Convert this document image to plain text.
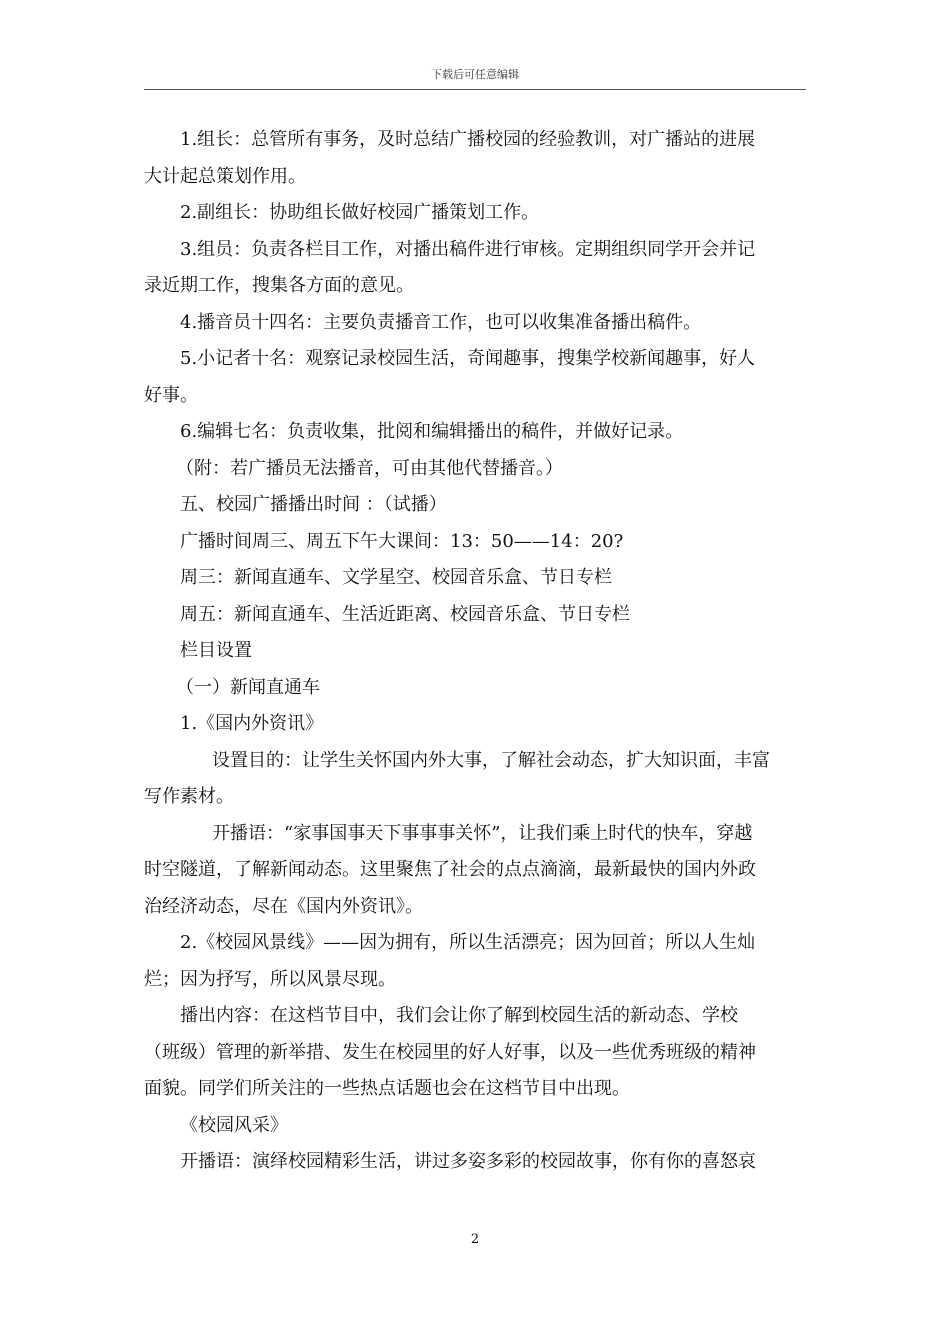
下载后可任意编辑
1.组长：总管所有事务，及时总结广播校园的经验教训，对广播站的进展
大计起总策划作用。
2.副组长：协助组长做好校园广播策划工作。
3.组员：负责各栏目工作，对播出稿件进行审核。定期组织同学开会并记
录近期工作，搜集各方面的意见。
4.播音员十四名：主要负责播音工作，也可以收集准备播出稿件。
5.小记者十名：观察记录校园生活，奇闻趣事，搜集学校新闻趣事，好人
好事。
6.编辑七名：负责收集，批阅和编辑播出的稿件，并做好记录。
（附：若广播员无法播音，可由其他代替播音。）
五、校园广播播出时间 ：（试播）
广播时间周三、周五下午大课间：13：50——14：20?
周三：新闻直通车、文学星空、校园音乐盒、节日专栏
周五：新闻直通车、生活近距离、校园音乐盒、节日专栏
栏目设置
（一）新闻直通车
1.《国内外资讯》
设置目的：让学生关怀国内外大事，了解社会动态，扩大知识面，丰富
写作素材。
开播语：“家事国事天下事事事关怀”，让我们乘上时代的快车，穿越
时空隧道，了解新闻动态。这里聚焦了社会的点点滴滴，最新最快的国内外政
治经济动态，尽在《国内外资讯》。
2.《校园风景线》——因为拥有，所以生活漂亮；因为回首；所以人生灿
烂；因为抒写，所以风景尽现。
播出内容：在这档节目中，我们会让你了解到校园生活的新动态、学校
（班级）管理的新举措、发生在校园里的好人好事，以及一些优秀班级的精神
面貌。同学们所关注的一些热点话题也会在这档节目中出现。
《校园风采》
开播语：演绎校园精彩生活，讲过多姿多彩的校园故事，你有你的喜怒哀
2
